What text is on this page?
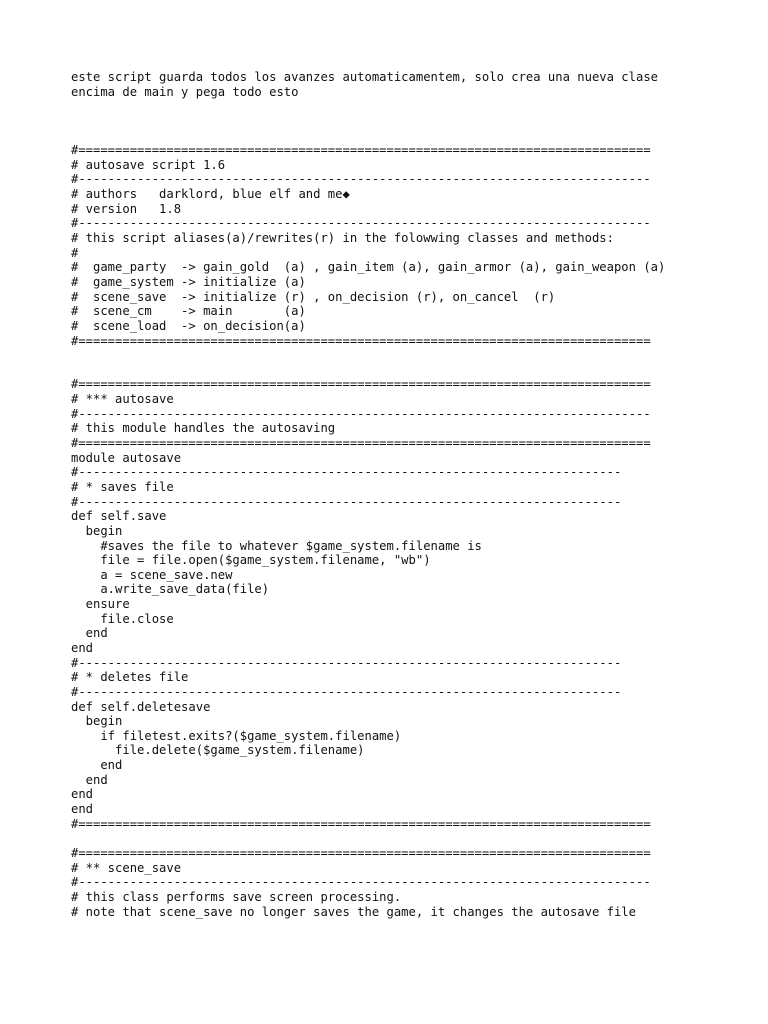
este script guarda todos los avanzes automaticamentem, solo crea una nueva clase
encima de main y pega todo esto
#==============================================================================
# autosave script 1.6
#------------------------------------------------------------------------------
# authors   darklord, blue elf and me◆
# version   1.8
#------------------------------------------------------------------------------
# this script aliases(a)/rewrites(r) in the folowwing classes and methods:
#
#  game_party  -> gain_gold  (a) , gain_item (a), gain_armor (a), gain_weapon (a)
#  game_system -> initialize (a)
#  scene_save  -> initialize (r) , on_decision (r), on_cancel  (r)
#  scene_cm    -> main       (a)
#  scene_load  -> on_decision(a)
#==============================================================================
#==============================================================================
# *** autosave
#------------------------------------------------------------------------------
# this module handles the autosaving
#==============================================================================
module autosave
#--------------------------------------------------------------------------
# * saves file
#--------------------------------------------------------------------------
def self.save
begin
#saves the file to whatever $game_system.filename is
file = file.open($game_system.filename, "wb")
a = scene_save.new
a.write_save_data(file)
ensure
file.close
end
end
#--------------------------------------------------------------------------
# * deletes file
#--------------------------------------------------------------------------
def self.deletesave
begin
if filetest.exits?($game_system.filename)
file.delete($game_system.filename)
end
end
end
end
#==============================================================================
#==============================================================================
# ** scene_save
#------------------------------------------------------------------------------
# this class performs save screen processing.
# note that scene_save no longer saves the game, it changes the autosave file
